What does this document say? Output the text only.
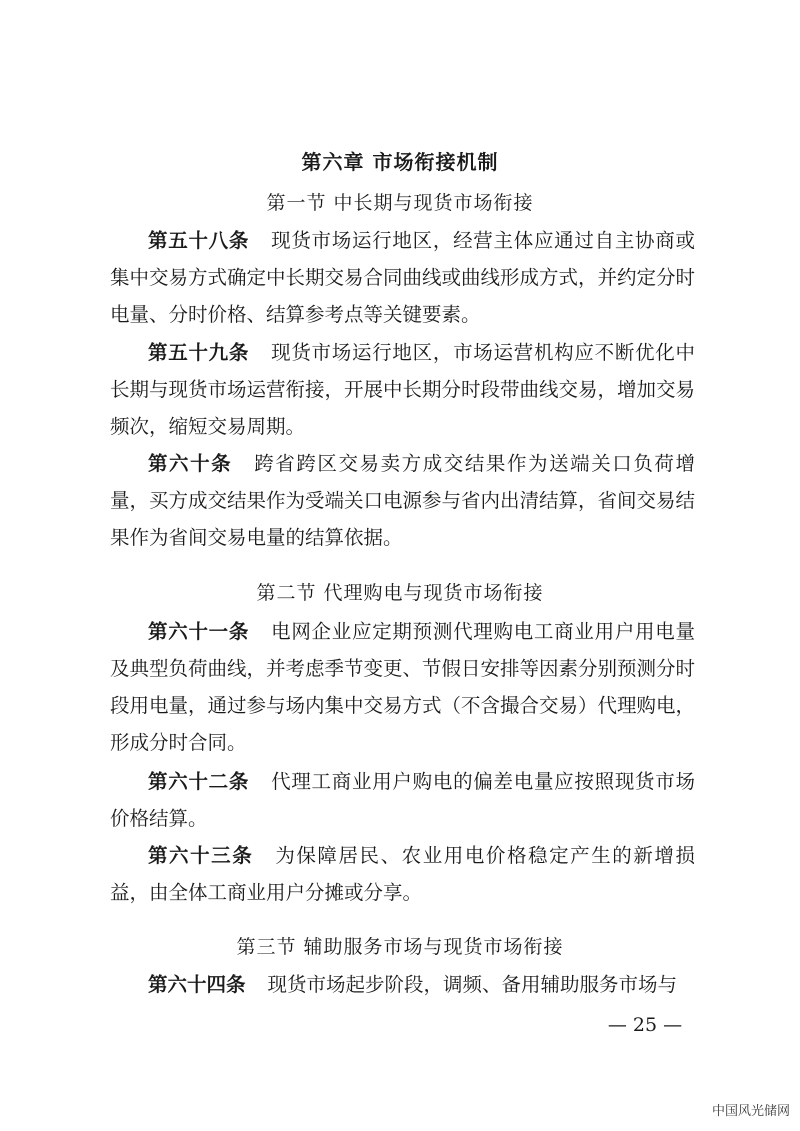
第六章 市场衔接机制
第一节 中长期与现货市场衔接
第五十八条 现货市场运行地区，经营主体应通过自主协商或集中交易方式确定中长期交易合同曲线或曲线形成方式，并约定分时电量、分时价格、结算参考点等关键要素。
第五十九条 现货市场运行地区，市场运营机构应不断优化中长期与现货市场运营衔接，开展中长期分时段带曲线交易，增加交易频次，缩短交易周期。
第六十条 跨省跨区交易卖方成交结果作为送端关口负荷增量，买方成交结果作为受端关口电源参与省内出清结算，省间交易结果作为省间交易电量的结算依据。
第二节 代理购电与现货市场衔接
第六十一条 电网企业应定期预测代理购电工商业用户用电量及典型负荷曲线，并考虑季节变更、节假日安排等因素分别预测分时段用电量，通过参与场内集中交易方式（不含撮合交易）代理购电，形成分时合同。
第六十二条 代理工商业用户购电的偏差电量应按照现货市场价格结算。
第六十三条 为保障居民、农业用电价格稳定产生的新增损益，由全体工商业用户分摊或分享。
第三节 辅助服务市场与现货市场衔接
第六十四条 现货市场起步阶段，调频、备用辅助服务市场与
— 25 —
中国风光储网
